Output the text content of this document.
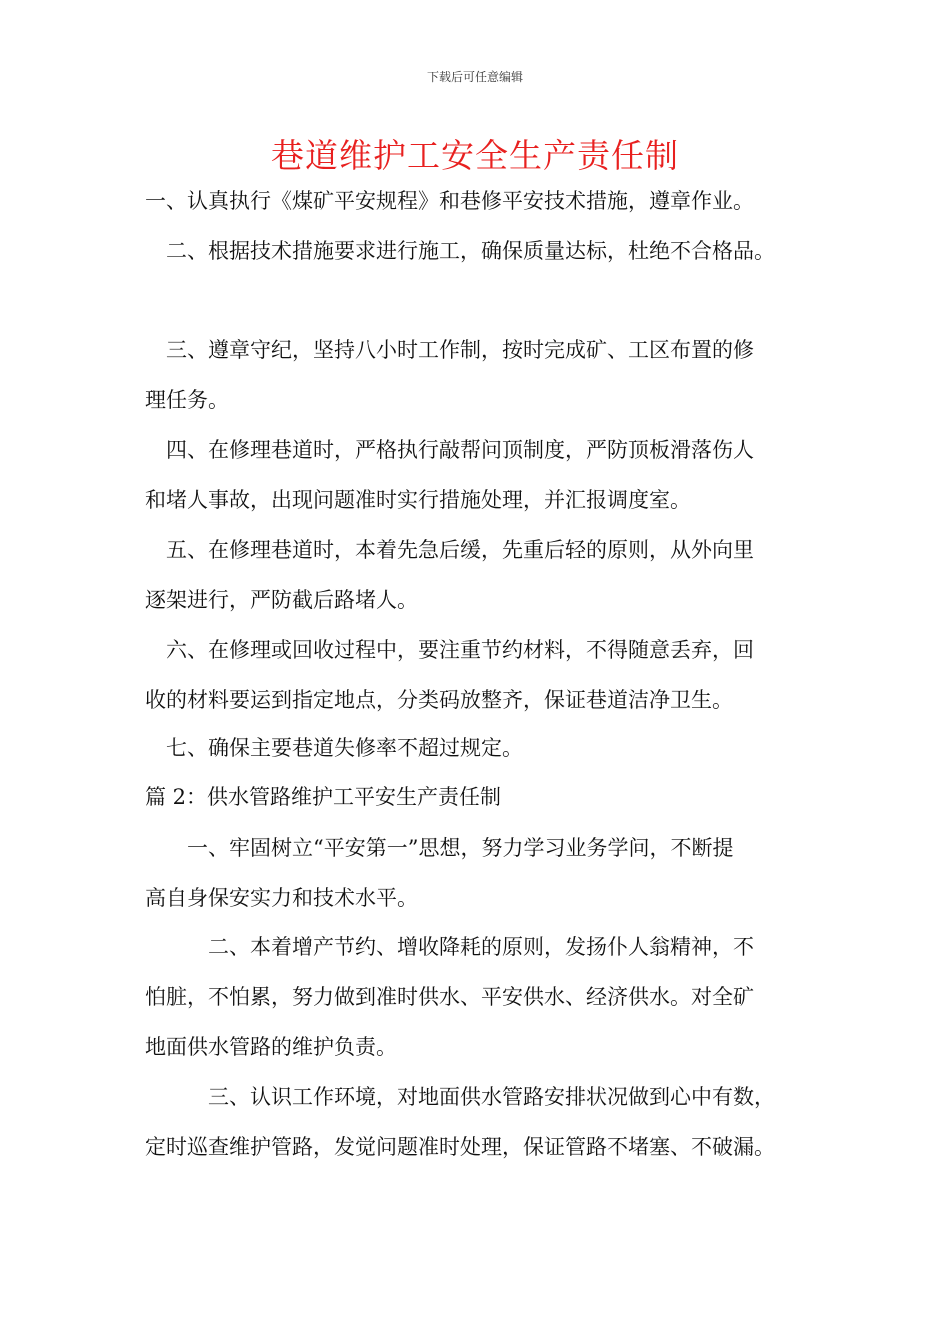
下载后可任意编辑
巷道维护工安全生产责任制

一、认真执行《煤矿平安规程》和巷修平安技术措施，遵章作业。

　二、根据技术措施要求进行施工，确保质量达标，杜绝不合格品。

　三、遵章守纪，坚持八小时工作制，按时完成矿、工区布置的修
理任务。

　四、在修理巷道时，严格执行敲帮问顶制度，严防顶板滑落伤人
和堵人事故，出现问题准时实行措施处理，并汇报调度室。

　五、在修理巷道时，本着先急后缓，先重后轻的原则，从外向里
逐架进行，严防截后路堵人。

　六、在修理或回收过程中，要注重节约材料，不得随意丢弃，回
收的材料要运到指定地点，分类码放整齐，保证巷道洁净卫生。

　七、确保主要巷道失修率不超过规定。

篇 2：供水管路维护工平安生产责任制

　　一、牢固树立“平安第一”思想，努力学习业务学问，不断提
高自身保安实力和技术水平。

　　　二、本着增产节约、增收降耗的原则，发扬仆人翁精神，不
怕脏，不怕累，努力做到准时供水、平安供水、经济供水。对全矿
地面供水管路的维护负责。

　　　三、认识工作环境，对地面供水管路安排状况做到心中有数，
定时巡查维护管路，发觉问题准时处理，保证管路不堵塞、不破漏。
